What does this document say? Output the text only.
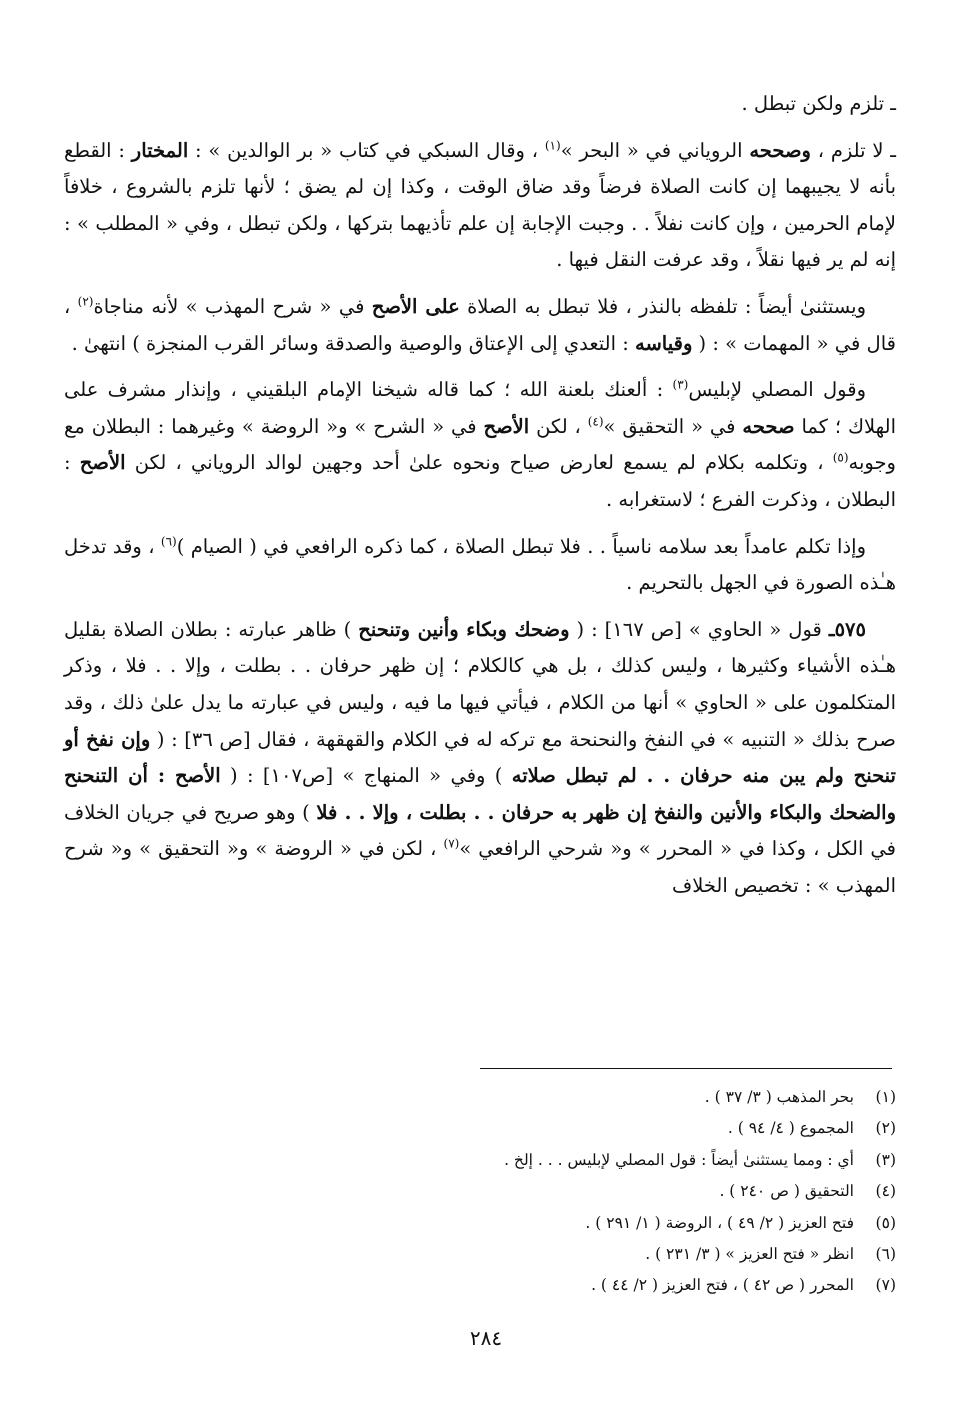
ـ تلزم ولكن تبطل .

ـ لا تلزم ، وصححه الروياني في « البحر »$^{(١)}$ ، وقال السبكي في كتاب « بر الوالدين » : المختار : القطع بأنه لا يجيبهما إن كانت الصلاة فرضاً وقد ضاق الوقت ، وكذا إن لم يضق ؛ لأنها تلزم بالشروع ، خلافاً لإمام الحرمين ، وإن كانت نفلاً . . وجبت الإجابة إن علم تأذيهما بتركها ، ولكن تبطل ، وفي « المطلب » : إنه لم ير فيها نقلاً ، وقد عرفت النقل فيها .

ويستثنىٰ أيضاً : تلفظه بالنذر ، فلا تبطل به الصلاة على الأصح في « شرح المهذب » لأنه مناجاة$^{(٢)}$ ، قال في « المهمات » : ( وقياسه : التعدي إلى الإعتاق والوصية والصدقة وسائر القرب المنجزة ) انتهىٰ .

وقول المصلي لإبليس$^{(٣)}$ : ألعنك بلعنة الله ؛ كما قاله شيخنا الإمام البلقيني ، وإنذار مشرف على الهلاك ؛ كما صححه في « التحقيق »$^{(٤)}$ ، لكن الأصح في « الشرح » و« الروضة » وغيرهما : البطلان مع وجوبه$^{(٥)}$ ، وتكلمه بكلام لم يسمع لعارض صياح ونحوه علىٰ أحد وجهين لوالد الروياني ، لكن الأصح : البطلان ، وذكرت الفرع ؛ لاستغرابه .

وإذا تكلم عامداً بعد سلامه ناسياً . . فلا تبطل الصلاة ، كما ذكره الرافعي في ( الصيام )$^{(٦)}$ ، وقد تدخل هـٰذه الصورة في الجهل بالتحريم .

٥٧٥ـ قول « الحاوي » [ص ١٦٧] : ( وضحك وبكاء وأنين وتنحنح ) ظاهر عبارته : بطلان الصلاة بقليل هـٰذه الأشياء وكثيرها ، وليس كذلك ، بل هي كالكلام ؛ إن ظهر حرفان . . بطلت ، وإلا . . فلا ، وذكر المتكلمون على « الحاوي » أنها من الكلام ، فيأتي فيها ما فيه ، وليس في عبارته ما يدل علىٰ ذلك ، وقد صرح بذلك « التنبيه » في النفخ والنحنحة مع تركه له في الكلام والقهقهة ، فقال [ص ٣٦] : ( وإن نفخ أو تنحنح ولم يبن منه حرفان . . لم تبطل صلاته ) وفي « المنهاج » [ص١٠٧] : ( الأصح : أن التنحنح والضحك والبكاء والأنين والنفخ إن ظهر به حرفان . . بطلت ، وإلا . . فلا ) وهو صريح في جريان الخلاف في الكل ، وكذا في « المحرر » و« شرحي الرافعي »$^{(٧)}$ ، لكن في « الروضة » و« التحقيق » و« شرح المهذب » : تخصيص الخلاف

(١)
بحر المذهب ( ٣/ ٣٧ ) .
(٢)
المجموع ( ٤/ ٩٤ ) .
(٣)
أي : ومما يستثنىٰ أيضاً : قول المصلي لإبليس . . . إلخ .
(٤)
التحقيق ( ص ٢٤٠ ) .
(٥)
فتح العزيز ( ٢/ ٤٩ ) ، الروضة ( ١/ ٢٩١ ) .
(٦)
انظر « فتح العزيز » ( ٣/ ٢٣١ ) .
(٧)
المحرر ( ص ٤٢ ) ، فتح العزيز ( ٢/ ٤٤ ) .
٢٨٤
